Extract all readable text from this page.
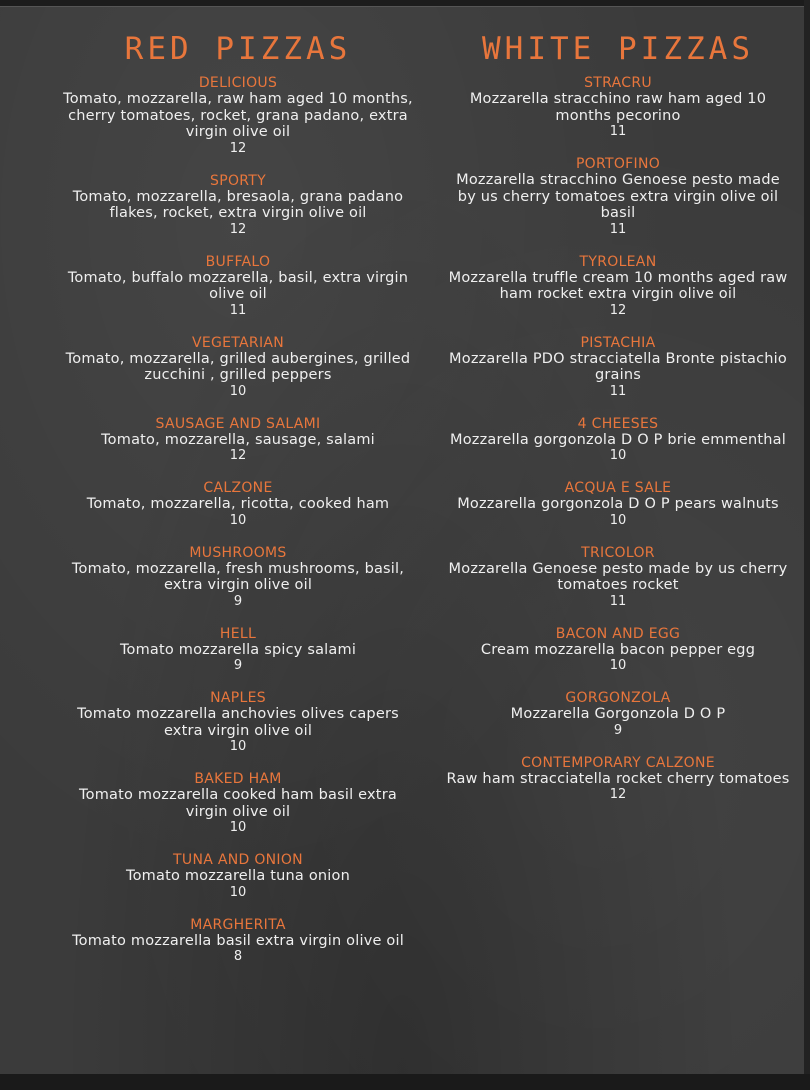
RED PIZZAS
DELICIOUS
Tomato, mozzarella, raw ham aged 10 months, cherry tomatoes, rocket, grana padano, extra virgin olive oil
12
SPORTY
Tomato, mozzarella, bresaola, grana padano flakes, rocket, extra virgin olive oil
12
BUFFALO
Tomato, buffalo mozzarella, basil, extra virgin olive oil
11
VEGETARIAN
Tomato, mozzarella, grilled aubergines, grilled zucchini , grilled peppers
10
SAUSAGE AND SALAMI
Tomato, mozzarella, sausage, salami
12
CALZONE
Tomato, mozzarella, ricotta, cooked ham
10
MUSHROOMS
Tomato, mozzarella, fresh mushrooms, basil, extra virgin olive oil
9
HELL
Tomato mozzarella spicy salami
9
NAPLES
Tomato mozzarella anchovies olives capers extra virgin olive oil
10
BAKED HAM
Tomato mozzarella cooked ham basil extra virgin olive oil
10
TUNA AND ONION
Tomato mozzarella tuna onion
10
MARGHERITA
Tomato mozzarella basil extra virgin olive oil
8
WHITE PIZZAS
STRACRU
Mozzarella stracchino raw ham aged 10 months pecorino
11
PORTOFINO
Mozzarella stracchino Genoese pesto made by us cherry tomatoes extra virgin olive oil basil
11
TYROLEAN
Mozzarella truffle cream 10 months aged raw ham rocket extra virgin olive oil
12
PISTACHIA
Mozzarella PDO stracciatella Bronte pistachio grains
11
4 CHEESES
Mozzarella gorgonzola D O P brie emmenthal
10
ACQUA E SALE
Mozzarella gorgonzola D O P pears walnuts
10
TRICOLOR
Mozzarella Genoese pesto made by us cherry tomatoes rocket
11
BACON AND EGG
Cream mozzarella bacon pepper egg
10
GORGONZOLA
Mozzarella Gorgonzola D O P
9
CONTEMPORARY CALZONE
Raw ham stracciatella rocket cherry tomatoes
12
